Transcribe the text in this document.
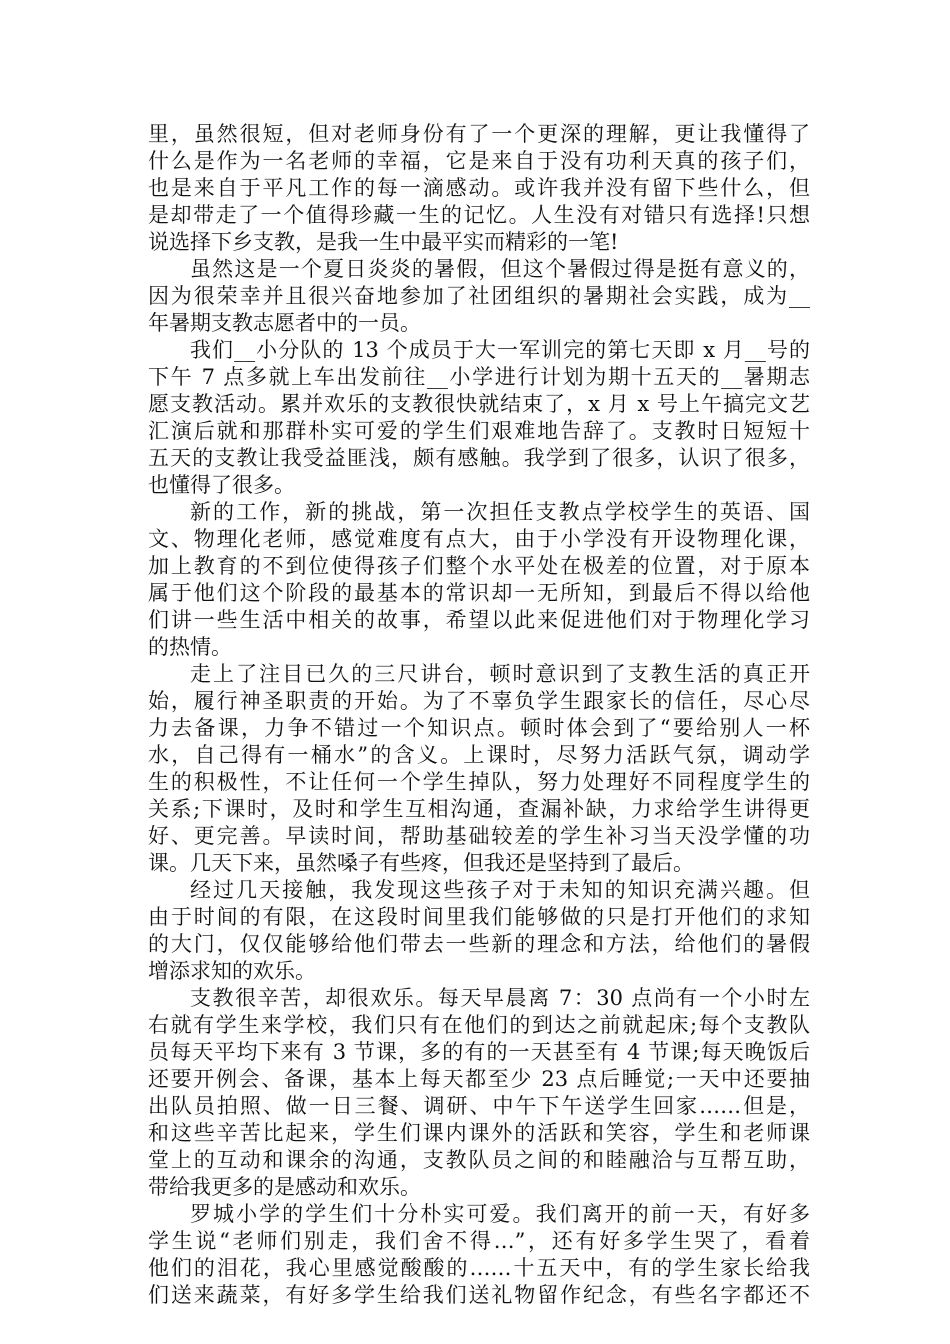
里，虽然很短，但对老师身份有了一个更深的理解，更让我懂得了
什么是作为一名老师的幸福，它是来自于没有功利天真的孩子们，
也是来自于平凡工作的每一滴感动。或许我并没有留下些什么，但
是却带走了一个值得珍藏一生的记忆。人生没有对错只有选择!只想
说选择下乡支教，是我一生中最平实而精彩的一笔!
虽然这是一个夏日炎炎的暑假，但这个暑假过得是挺有意义的，
因为很荣幸并且很兴奋地参加了社团组织的暑期社会实践，成为__
年暑期支教志愿者中的一员。
我们__小分队的 13 个成员于大一军训完的第七天即 x 月__号的
下午 7 点多就上车出发前往__小学进行计划为期十五天的__暑期志
愿支教活动。累并欢乐的支教很快就结束了，x 月 x 号上午搞完文艺
汇演后就和那群朴实可爱的学生们艰难地告辞了。支教时日短短十
五天的支教让我受益匪浅，颇有感触。我学到了很多，认识了很多，
也懂得了很多。
新的工作，新的挑战，第一次担任支教点学校学生的英语、国
文、物理化老师，感觉难度有点大，由于小学没有开设物理化课，
加上教育的不到位使得孩子们整个水平处在极差的位置，对于原本
属于他们这个阶段的最基本的常识却一无所知，到最后不得以给他
们讲一些生活中相关的故事，希望以此来促进他们对于物理化学习
的热情。
走上了注目已久的三尺讲台，顿时意识到了支教生活的真正开
始，履行神圣职责的开始。为了不辜负学生跟家长的信任，尽心尽
力去备课，力争不错过一个知识点。顿时体会到了“要给别人一杯
水，自己得有一桶水”的含义。上课时，尽努力活跃气氛，调动学
生的积极性，不让任何一个学生掉队，努力处理好不同程度学生的
关系;下课时，及时和学生互相沟通，查漏补缺，力求给学生讲得更
好、更完善。早读时间，帮助基础较差的学生补习当天没学懂的功
课。几天下来，虽然嗓子有些疼，但我还是坚持到了最后。
经过几天接触，我发现这些孩子对于未知的知识充满兴趣。但
由于时间的有限，在这段时间里我们能够做的只是打开他们的求知
的大门，仅仅能够给他们带去一些新的理念和方法，给他们的暑假
增添求知的欢乐。
支教很辛苦，却很欢乐。每天早晨离 7：30 点尚有一个小时左
右就有学生来学校，我们只有在他们的到达之前就起床;每个支教队
员每天平均下来有 3 节课，多的有的一天甚至有 4 节课;每天晚饭后
还要开例会、备课，基本上每天都至少 23 点后睡觉;一天中还要抽
出队员拍照、做一日三餐、调研、中午下午送学生回家……但是，
和这些辛苦比起来，学生们课内课外的活跃和笑容，学生和老师课
堂上的互动和课余的沟通，支教队员之间的和睦融洽与互帮互助，
带给我更多的是感动和欢乐。
罗城小学的学生们十分朴实可爱。我们离开的前一天，有好多
学生说“老师们别走，我们舍不得…”，还有好多学生哭了，看着
他们的泪花，我心里感觉酸酸的……十五天中，有的学生家长给我
们送来蔬菜，有好多学生给我们送礼物留作纪念，有些名字都还不
